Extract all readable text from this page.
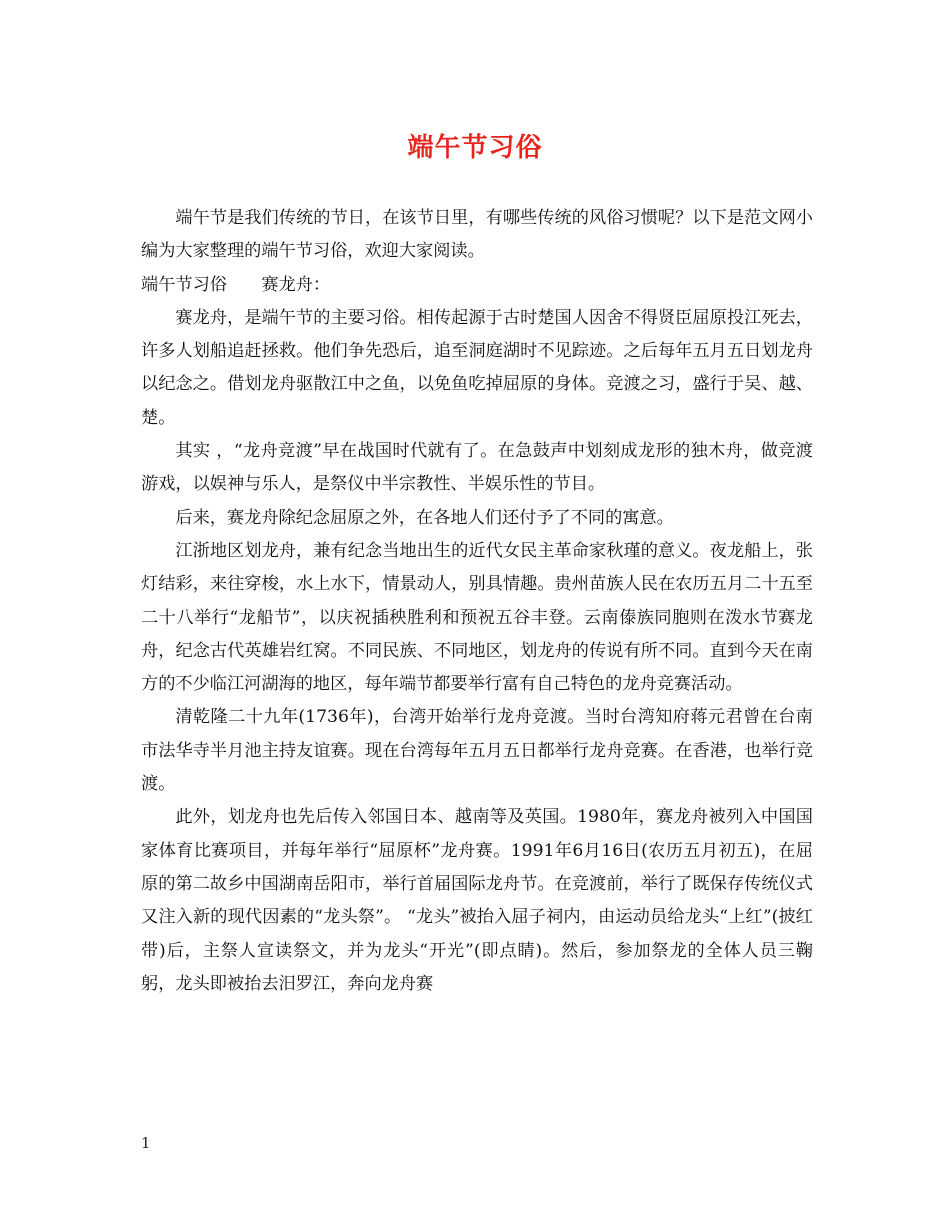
端午节习俗

端午节是我们传统的节日，在该节日里，有哪些传统的风俗习惯呢？以下是范文网小编为大家整理的端午节习俗，欢迎大家阅读。

端午节习俗　　赛龙舟：

赛龙舟，是端午节的主要习俗。相传起源于古时楚国人因舍不得贤臣屈原投江死去，许多人划船追赶拯救。他们争先恐后，追至洞庭湖时不见踪迹。之后每年五月五日划龙舟以纪念之。借划龙舟驱散江中之鱼，以免鱼吃掉屈原的身体。竞渡之习，盛行于吴、越、楚。

其实 ，“龙舟竞渡”早在战国时代就有了。在急鼓声中划刻成龙形的独木舟，做竞渡游戏，以娱神与乐人，是祭仪中半宗教性、半娱乐性的节目。

后来，赛龙舟除纪念屈原之外，在各地人们还付予了不同的寓意。

江浙地区划龙舟，兼有纪念当地出生的近代女民主革命家秋瑾的意义。夜龙船上，张灯结彩，来往穿梭，水上水下，情景动人，别具情趣。贵州苗族人民在农历五月二十五至二十八举行“龙船节”，以庆祝插秧胜利和预祝五谷丰登。云南傣族同胞则在泼水节赛龙舟，纪念古代英雄岩红窝。不同民族、不同地区，划龙舟的传说有所不同。直到今天在南方的不少临江河湖海的地区，每年端节都要举行富有自己特色的龙舟竞赛活动。

清乾隆二十九年(1736年)，台湾开始举行龙舟竞渡。当时台湾知府蒋元君曾在台南市法华寺半月池主持友谊赛。现在台湾每年五月五日都举行龙舟竞赛。在香港，也举行竞渡。

此外，划龙舟也先后传入邻国日本、越南等及英国。1980年，赛龙舟被列入中国国家体育比赛项目，并每年举行“屈原杯”龙舟赛。1991年6月16日(农历五月初五)，在屈原的第二故乡中国湖南岳阳市，举行首届国际龙舟节。在竞渡前，举行了既保存传统仪式又注入新的现代因素的“龙头祭”。 “龙头”被抬入屈子祠内，由运动员给龙头“上红”(披红带)后，主祭人宣读祭文，并为龙头“开光”(即点睛)。然后，参加祭龙的全体人员三鞠躬，龙头即被抬去汨罗江，奔向龙舟赛

1
